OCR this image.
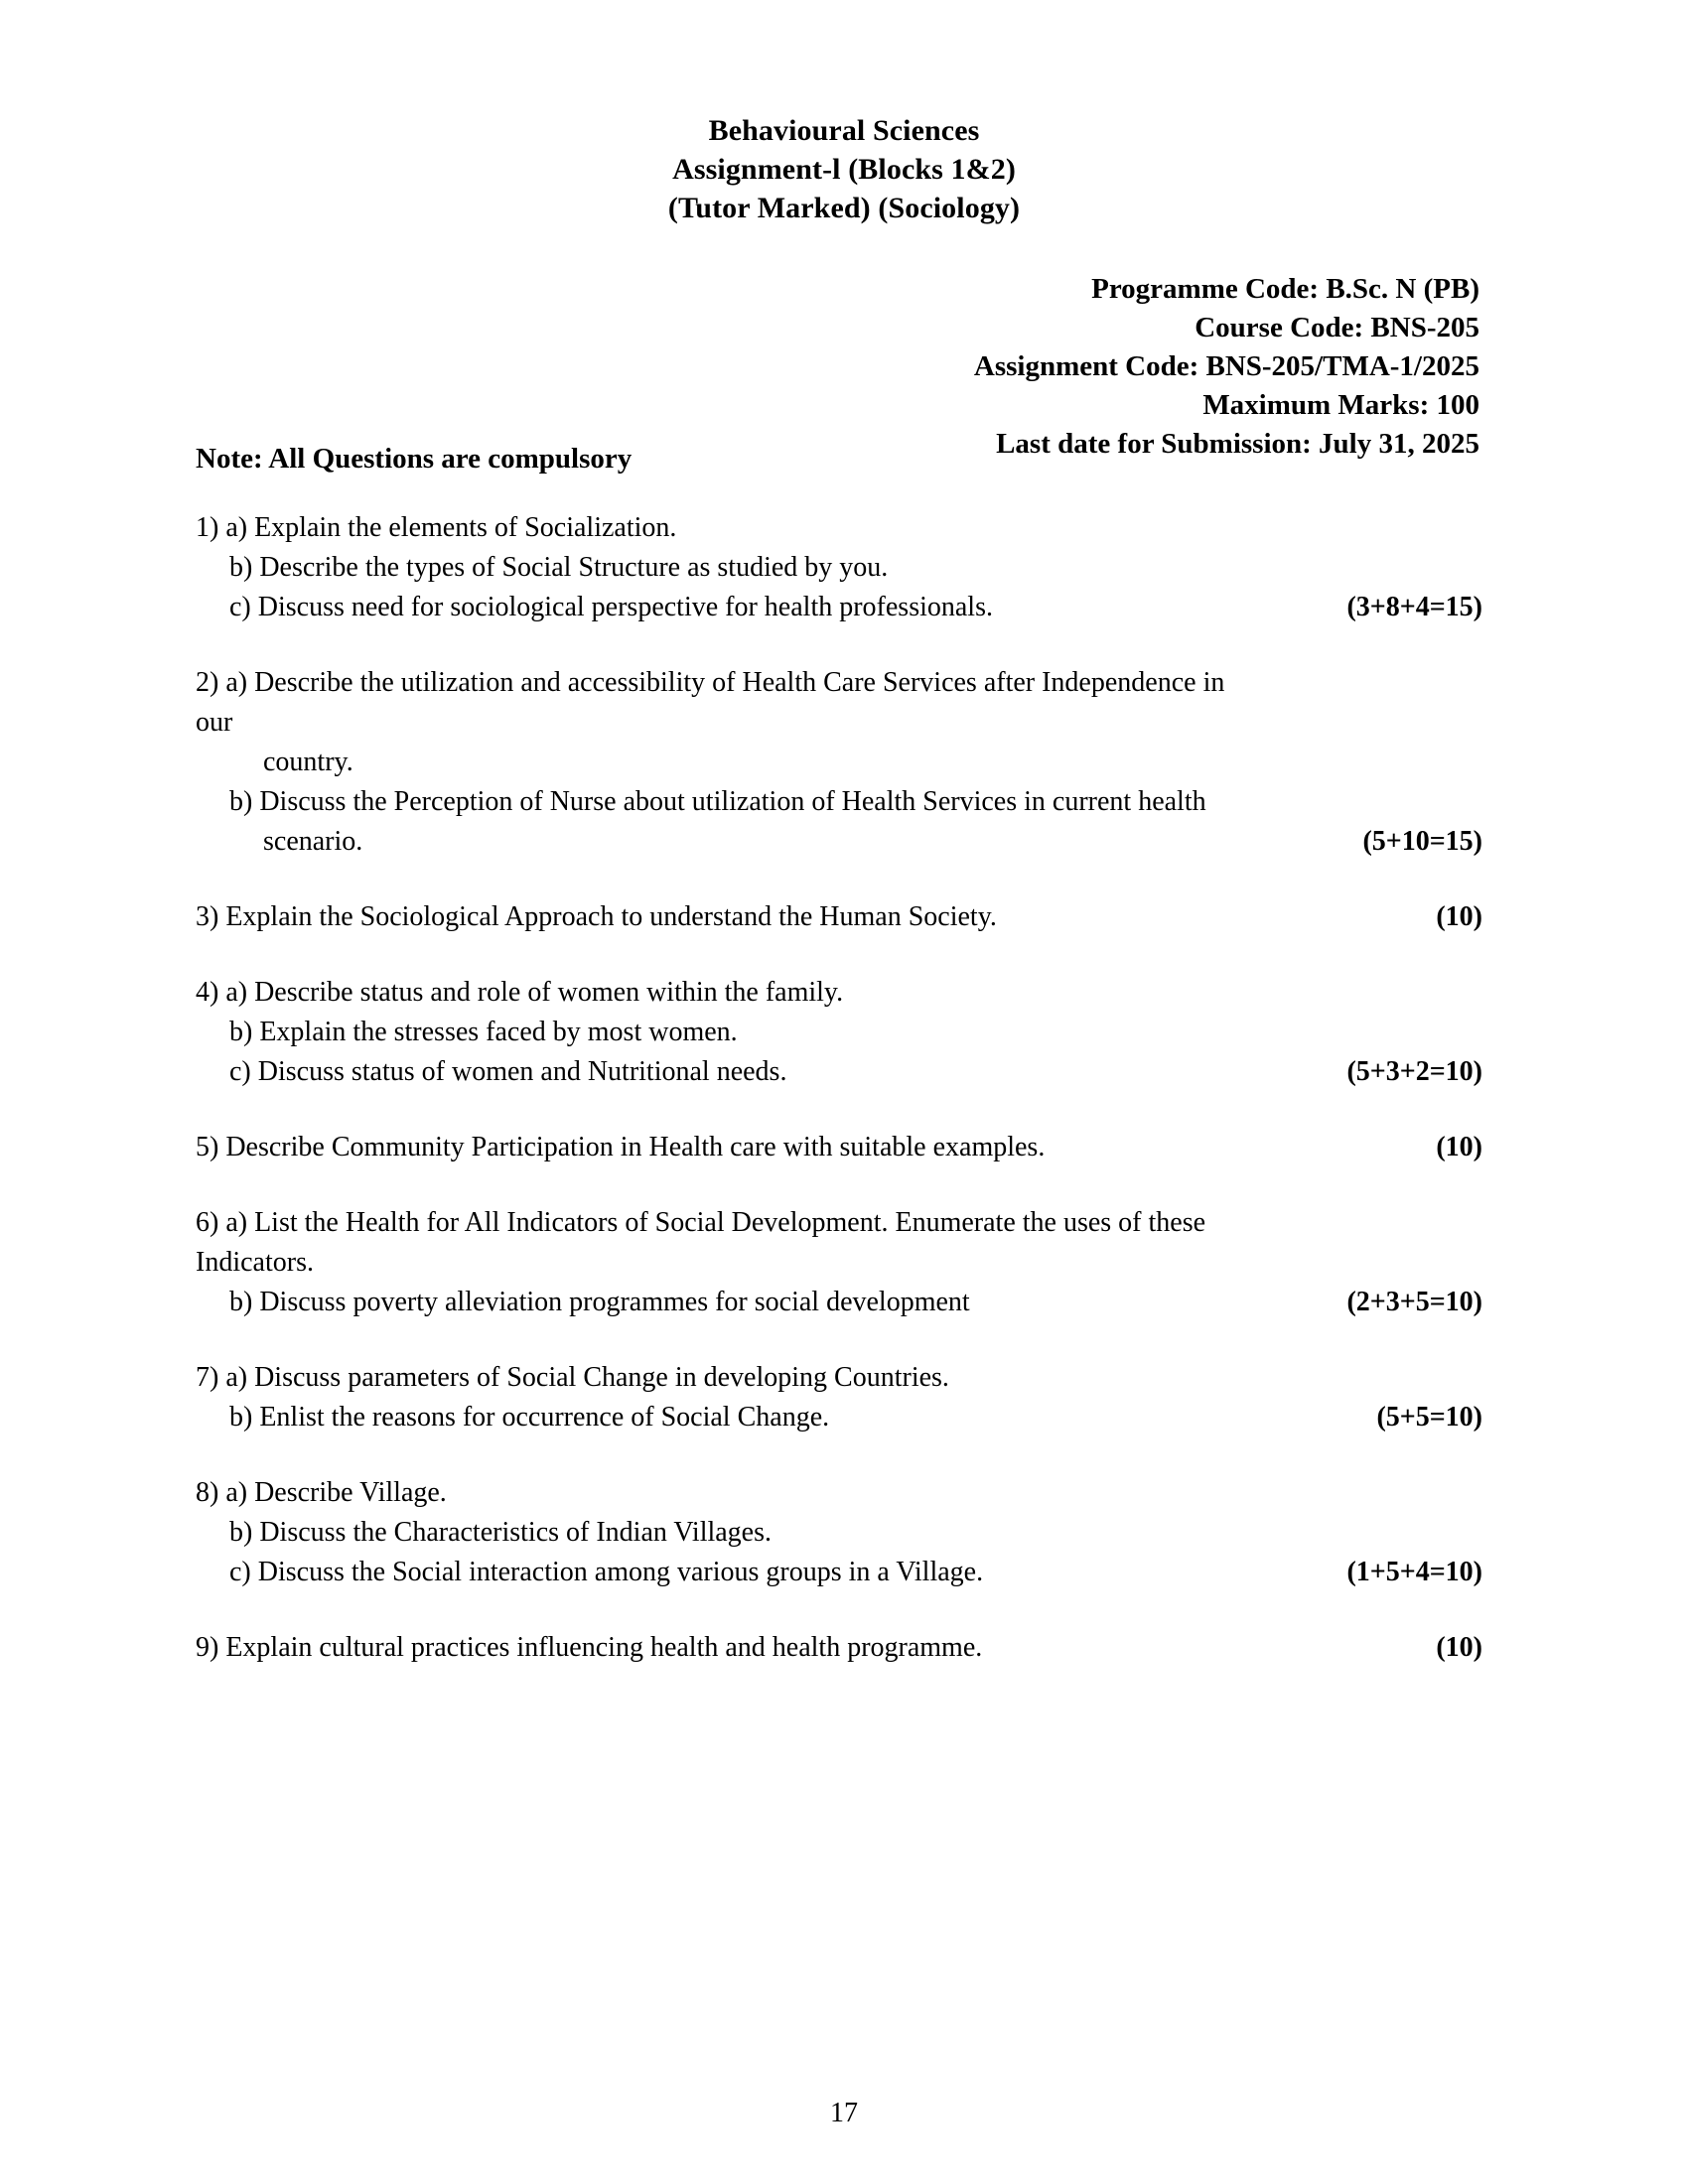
Behavioural Sciences
Assignment-l (Blocks 1&2)
(Tutor Marked) (Sociology)
Programme Code: B.Sc. N (PB)
Course Code: BNS-205
Assignment Code: BNS-205/TMA-1/2025
Maximum Marks: 100
Last date for Submission: July 31, 2025
Note: All Questions are compulsory
1) a) Explain the elements of Socialization.
b) Describe the types of Social Structure as studied by you.
c) Discuss need for sociological perspective for health professionals.	(3+8+4=15)
2) a) Describe the utilization and accessibility of Health Care Services after Independence in our
country.
b) Discuss the Perception of Nurse about utilization of Health Services in current health
scenario.	(5+10=15)
3) Explain the Sociological Approach to understand the Human Society.	(10)
4) a) Describe status and role of women within the family.
b) Explain the stresses faced by most women.
c) Discuss status of women and Nutritional needs.	(5+3+2=10)
5) Describe Community Participation in Health care with suitable examples.	(10)
6) a) List the Health for All Indicators of Social Development. Enumerate the uses of these Indicators.
b) Discuss poverty alleviation programmes for social development	(2+3+5=10)
7) a) Discuss parameters of Social Change in developing Countries.
b) Enlist the reasons for occurrence of Social Change.	(5+5=10)
8) a) Describe Village.
b) Discuss the Characteristics of Indian Villages.
c) Discuss the Social interaction among various groups in a Village.	(1+5+4=10)
9) Explain cultural practices influencing health and health programme.	(10)
17
